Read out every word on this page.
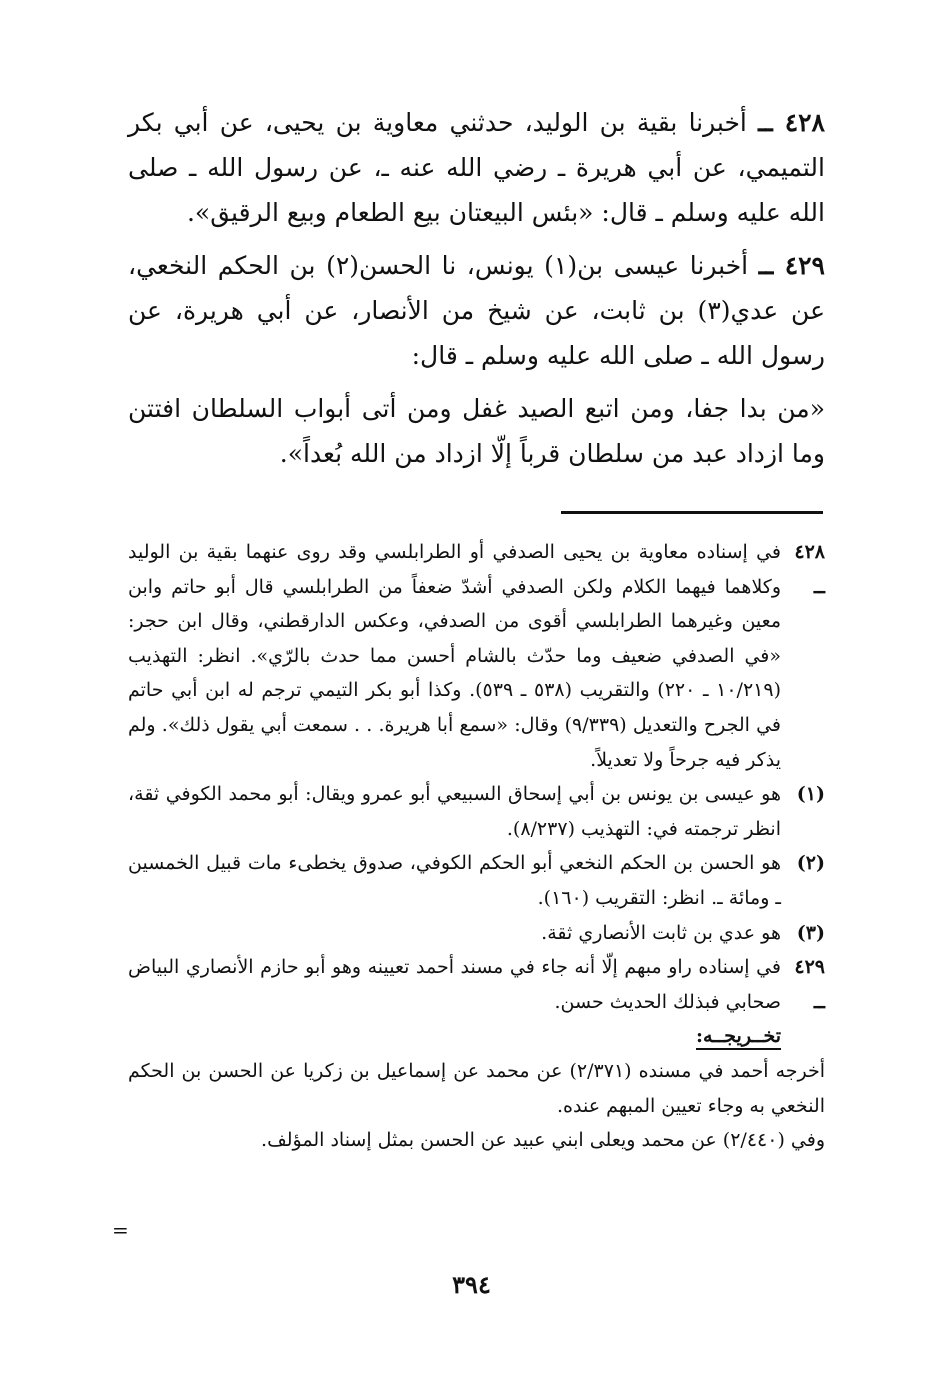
٤٢٨ ــ أخبرنا بقية بن الوليد، حدثني معاوية بن يحيى، عن أبي بكر التميمي، عن أبي هريرة ـ رضي الله عنه ـ، عن رسول الله ـ صلى الله عليه وسلم ـ قال: «بئس البيعتان بيع الطعام وبيع الرقيق».

٤٢٩ ــ أخبرنا عيسى بن(١) يونس، نا الحسن(٢) بن الحكم النخعي، عن عدي(٣) بن ثابت، عن شيخ من الأنصار، عن أبي هريرة، عن رسول الله ـ صلى الله عليه وسلم ـ قال:

«من بدا جفا، ومن اتبع الصيد غفل ومن أتى أبواب السلطان افتتن وما ازداد عبد من سلطان قرباً إلّا ازداد من الله بُعداً».

٤٢٨ ــ
في إسناده معاوية بن يحيى الصدفي أو الطرابلسي وقد روى عنهما بقية بن الوليد وكلاهما فيهما الكلام ولكن الصدفي أشدّ ضعفاً من الطرابلسي قال أبو حاتم وابن معين وغيرهما الطرابلسي أقوى من الصدفي، وعكس الدارقطني، وقال ابن حجر: «في الصدفي ضعيف وما حدّث بالشام أحسن مما حدث بالرّي». انظر: التهذيب (١٠/٢١٩ ـ ٢٢٠) والتقريب (٥٣٨ ـ ٥٣٩). وكذا أبو بكر التيمي ترجم له ابن أبي حاتم في الجرح والتعديل (٩/٣٣٩) وقال: «سمع أبا هريرة. . . سمعت أبي يقول ذلك». ولم يذكر فيه جرحاً ولا تعديلاً.
(١)
هو عيسى بن يونس بن أبي إسحاق السبيعي أبو عمرو ويقال: أبو محمد الكوفي ثقة، انظر ترجمته في: التهذيب (٨/٢٣٧).
(٢)
هو الحسن بن الحكم النخعي أبو الحكم الكوفي، صدوق يخطىء مات قبيل الخمسين ـ ومائة ـ. انظر: التقريب (١٦٠).
(٣)
هو عدي بن ثابت الأنصاري ثقة.
٤٢٩ ــ
في إسناده راو مبهم إلّا أنه جاء في مسند أحمد تعيينه وهو أبو حازم الأنصاري البياض صحابي فبذلك الحديث حسن.

تخــريجــه:

أخرجه أحمد في مسنده (٢/٣٧١) عن محمد عن إسماعيل بن زكريا عن الحسن بن الحكم النخعي به وجاء تعيين المبهم عنده.

وفي (٢/٤٤٠) عن محمد ويعلى ابني عبيد عن الحسن بمثل إسناد المؤلف.

=
٣٩٤
